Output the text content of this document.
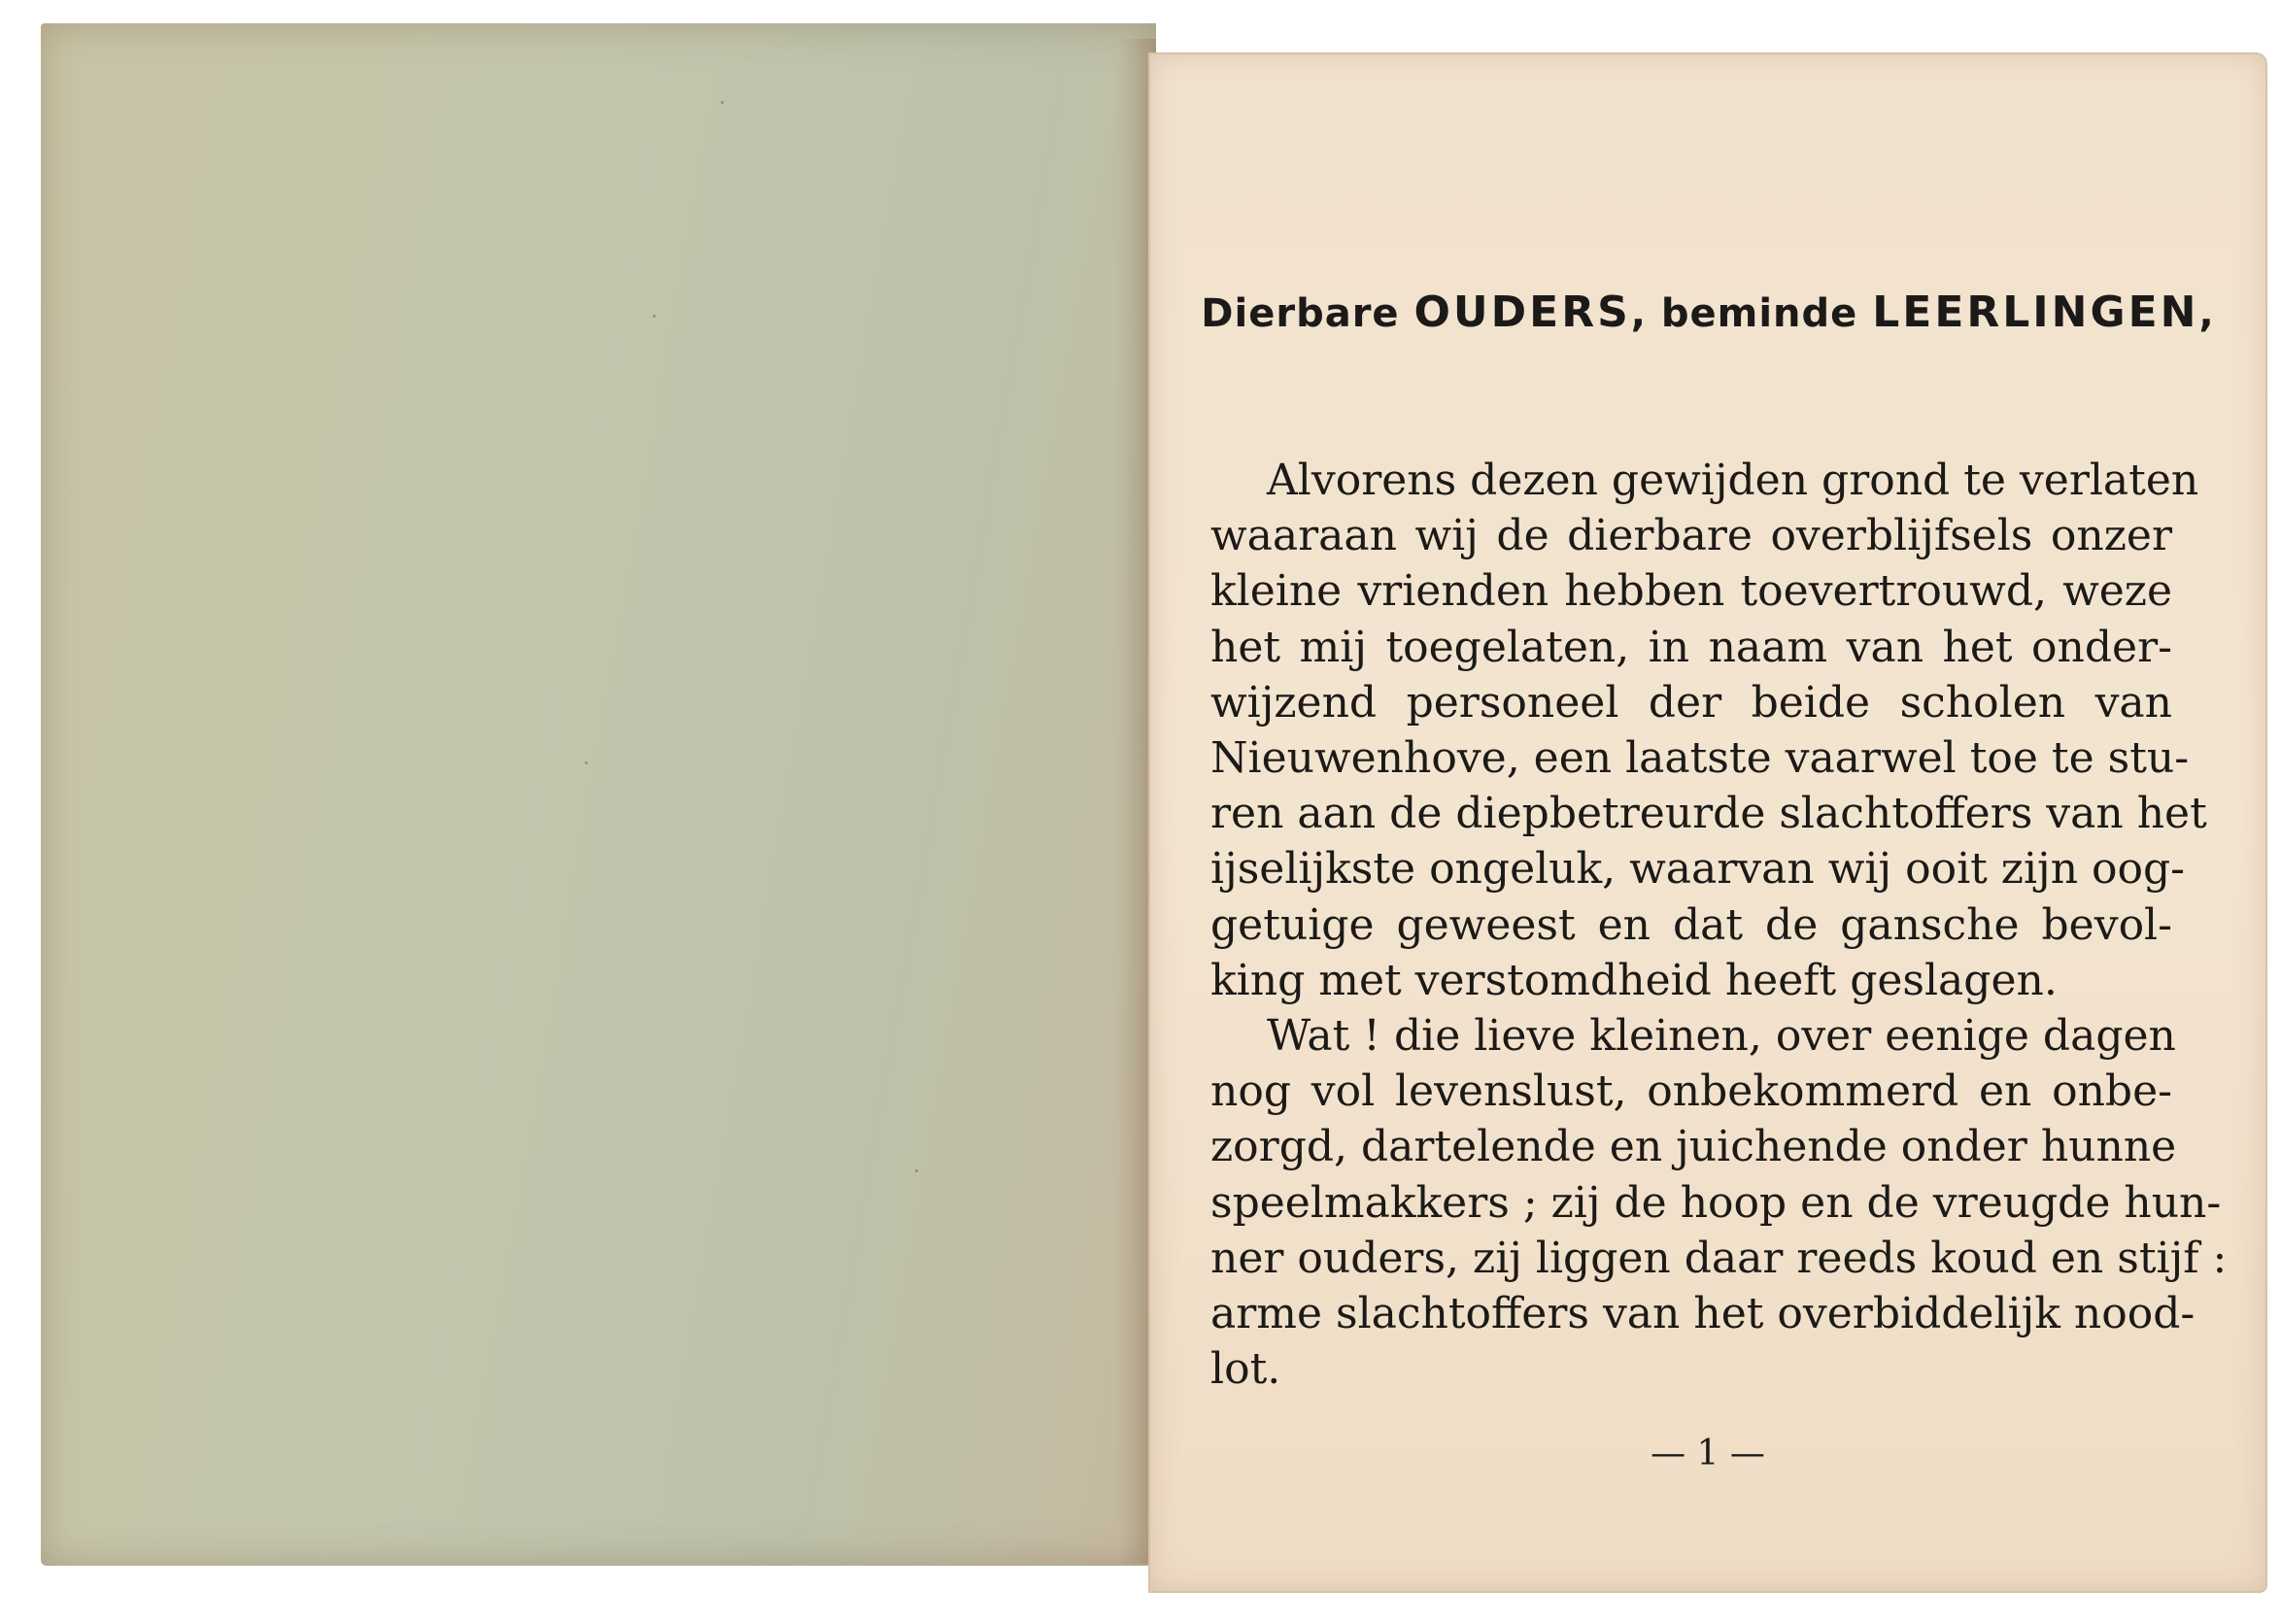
Dierbare OUDERS, beminde LEERLINGEN,

Alvorens dezen gewijden grond te verlaten
waaraan wij de dierbare overblijfsels onzer
kleine vrienden hebben toevertrouwd, weze
het mij toegelaten, in naam van het onder-
wijzend personeel der beide scholen van
Nieuwenhove, een laatste vaarwel toe te stu-
ren aan de diepbetreurde slachtoffers van het
ijselijkste ongeluk, waarvan wij ooit zijn oog-
getuige geweest en dat de gansche bevol-
king met verstomdheid heeft geslagen.

Wat ! die lieve kleinen, over eenige dagen
nog vol levenslust, onbekommerd en onbe-
zorgd, dartelende en juichende onder hunne
speelmakkers ; zij de hoop en de vreugde hun-
ner ouders, zij liggen daar reeds koud en stijf :
arme slachtoffers van het overbiddelijk nood-
lot.

— 1 —
